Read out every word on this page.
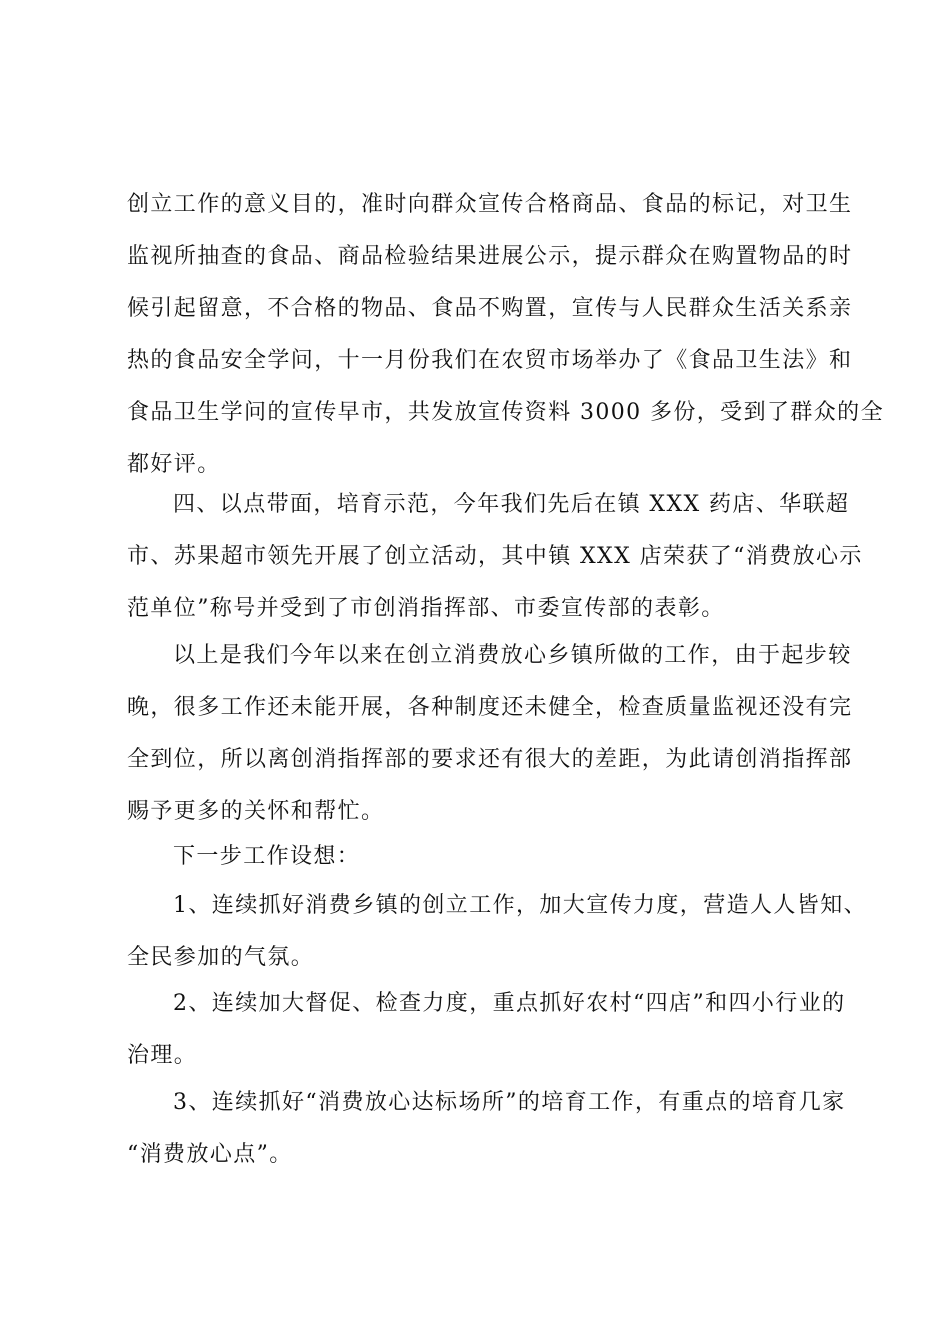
创立工作的意义目的，准时向群众宣传合格商品、食品的标记，对卫生
监视所抽查的食品、商品检验结果进展公示，提示群众在购置物品的时
候引起留意，不合格的物品、食品不购置，宣传与人民群众生活关系亲
热的食品安全学问，十一月份我们在农贸市场举办了《食品卫生法》和
食品卫生学问的宣传早市，共发放宣传资料 3000 多份，受到了群众的全
都好评。
四、以点带面，培育示范，今年我们先后在镇 XXX 药店、华联超
市、苏果超市领先开展了创立活动，其中镇 XXX 店荣获了“消费放心示
范单位”称号并受到了市创消指挥部、市委宣传部的表彰。
以上是我们今年以来在创立消费放心乡镇所做的工作，由于起步较
晚，很多工作还未能开展，各种制度还未健全，检查质量监视还没有完
全到位，所以离创消指挥部的要求还有很大的差距，为此请创消指挥部
赐予更多的关怀和帮忙。
下一步工作设想：
1、连续抓好消费乡镇的创立工作，加大宣传力度，营造人人皆知、
全民参加的气氛。
2、连续加大督促、检查力度，重点抓好农村“四店”和四小行业的
治理。
3、连续抓好“消费放心达标场所”的培育工作，有重点的培育几家
“消费放心点”。
